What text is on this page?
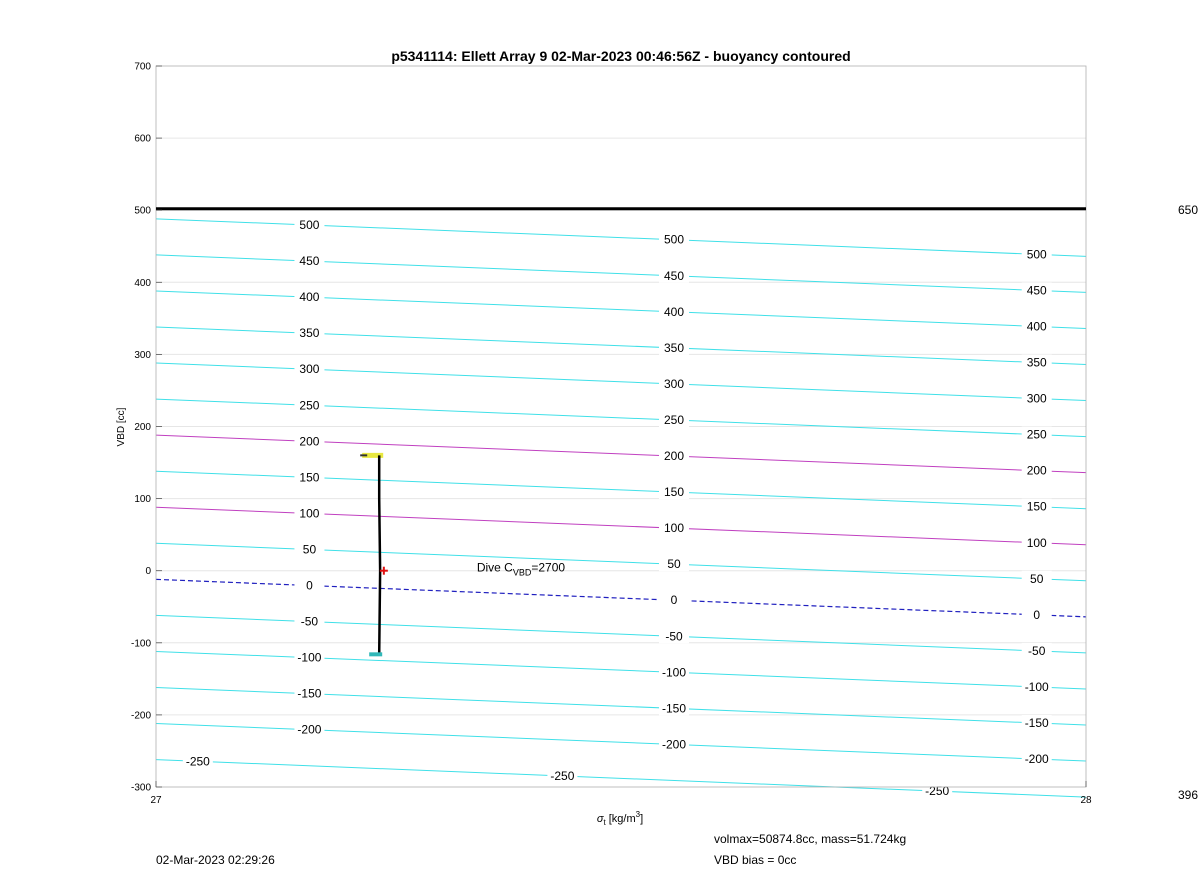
p5341114: Ellett Array 9 02-Mar-2023 00:46:56Z - buoyancy contoured
-250
-250
-250
-200
-200
-200
-150
-150
-150
-100
-100
-100
-50
-50
-50
0
0
0
50
50
50
100
100
100
150
150
150
200
200
200
250
250
250
300
300
300
350
350
350
400
400
400
450
450
450
500
500
500
Dive $C_{VBD}=2700$
700
600
500
400
300
200
100
0
-100
-200
-300
27	28
VBD [cc]
$\sigma_t$ $[kg/m^3]$
650
396
02-Mar-2023 02:29:26
volmax=50874.8cc, mass=51.724kg
VBD bias = 0cc
